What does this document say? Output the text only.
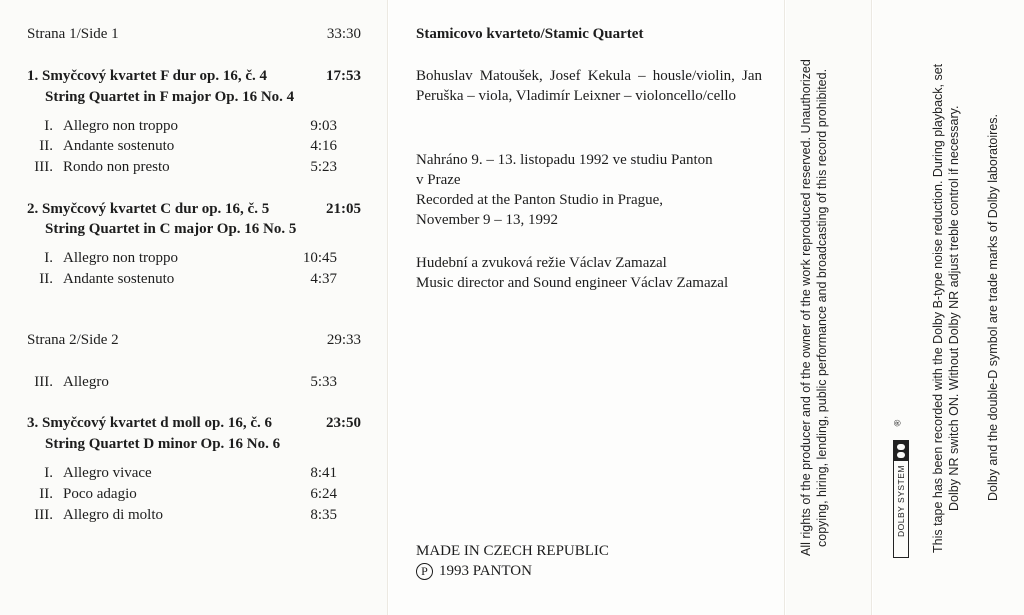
Strana 1/Side 1	33:30
1. Smyčcový kvartet F dur op. 16, č. 4	17:53
String Quartet in F major Op. 16 No. 4
I. Allegro non troppo	9:03
II. Andante sostenuto	4:16
III. Rondo non presto	5:23
2. Smyčcový kvartet C dur op. 16, č. 5	21:05
String Quartet in C major Op. 16 No. 5
I. Allegro non troppo	10:45
II. Andante sostenuto	4:37
Strana 2/Side 2	29:33
III. Allegro	5:33
3. Smyčcový kvartet d moll op. 16, č. 6	23:50
String Quartet D minor Op. 16 No. 6
I. Allegro vivace	8:41
II. Poco adagio	6:24
III. Allegro di molto	8:35
Stamicovo kvarteto/Stamic Quartet
Bohuslav Matoušek, Josef Kekula – housle/violin, Jan Peruška – viola, Vladimír Leixner – violoncello/cello
Nahráno 9. – 13. listopadu 1992 ve studiu Panton v Praze
Recorded at the Panton Studio in Prague, November 9 – 13, 1992
Hudební a zvuková režie Václav Zamazal
Music director and Sound engineer Václav Zamazal
MADE IN CZECH REPUBLIC
P 1993 PANTON
All rights of the producer and of the owner of the work reproduced reserved. Unauthorized copying, hiring, lending, public performance and broadcasting of this record prohibited.	®
DOLBY SYSTEM This tape has been recorded with the Dolby B-type noise reduction. During playback, set Dolby NR switch ON. Without Dolby NR adjust treble control if necessary.	Dolby and the double-D symbol are trade marks of Dolby laboratoires.
